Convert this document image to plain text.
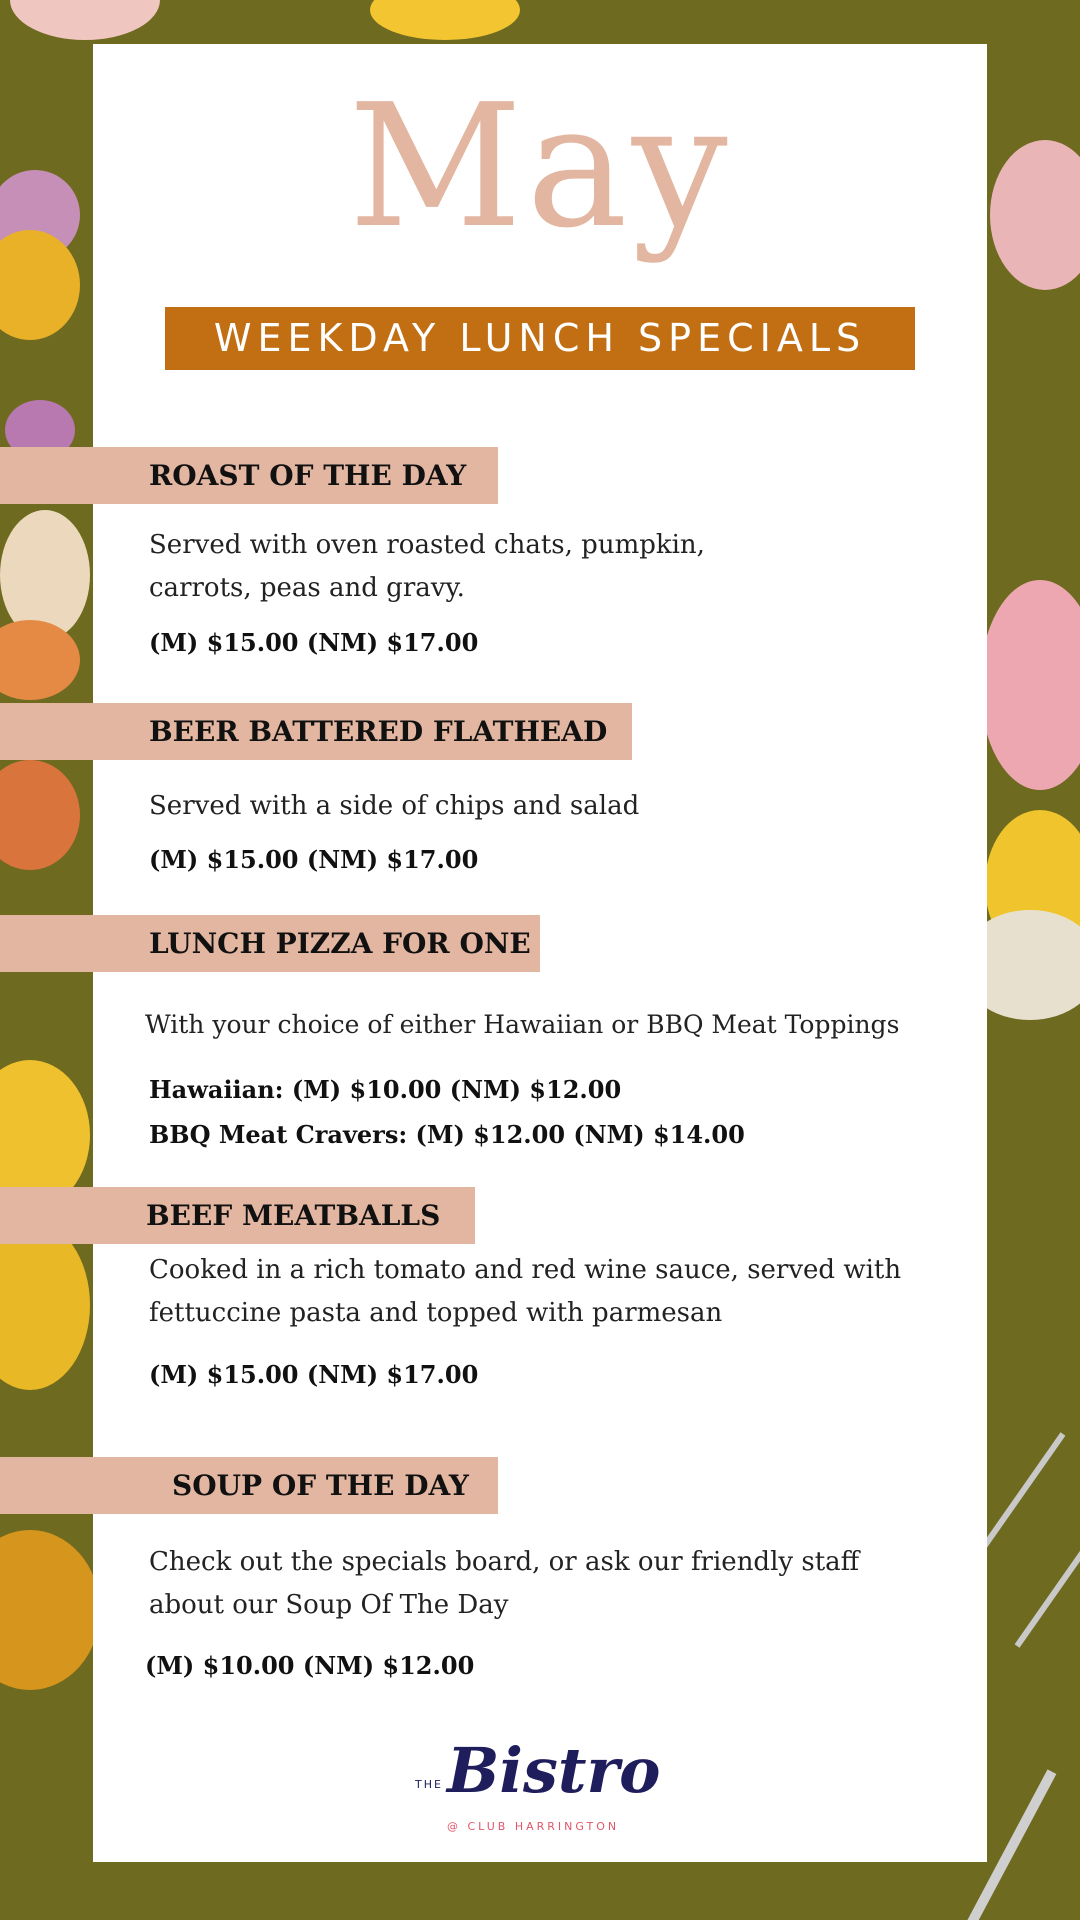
May
WEEKDAY LUNCH SPECIALS
ROAST OF THE DAY
Served with oven roasted chats, pumpkin,
carrots, peas and gravy.
(M) $15.00 (NM) $17.00
BEER BATTERED FLATHEAD
Served with a side of chips and salad
(M) $15.00 (NM) $17.00
LUNCH PIZZA FOR ONE
With your choice of either Hawaiian or BBQ Meat Toppings
Hawaiian: (M) $10.00 (NM) $12.00
BBQ Meat Cravers: (M) $12.00 (NM) $14.00
BEEF MEATBALLS
Cooked in a rich tomato and red wine sauce, served with
fettuccine pasta and topped with parmesan
(M) $15.00 (NM) $17.00
SOUP OF THE DAY
Check out the specials board, or ask our friendly staff
about our Soup Of The Day
(M) $10.00 (NM) $12.00
THE Bistro
@ CLUB HARRINGTON
